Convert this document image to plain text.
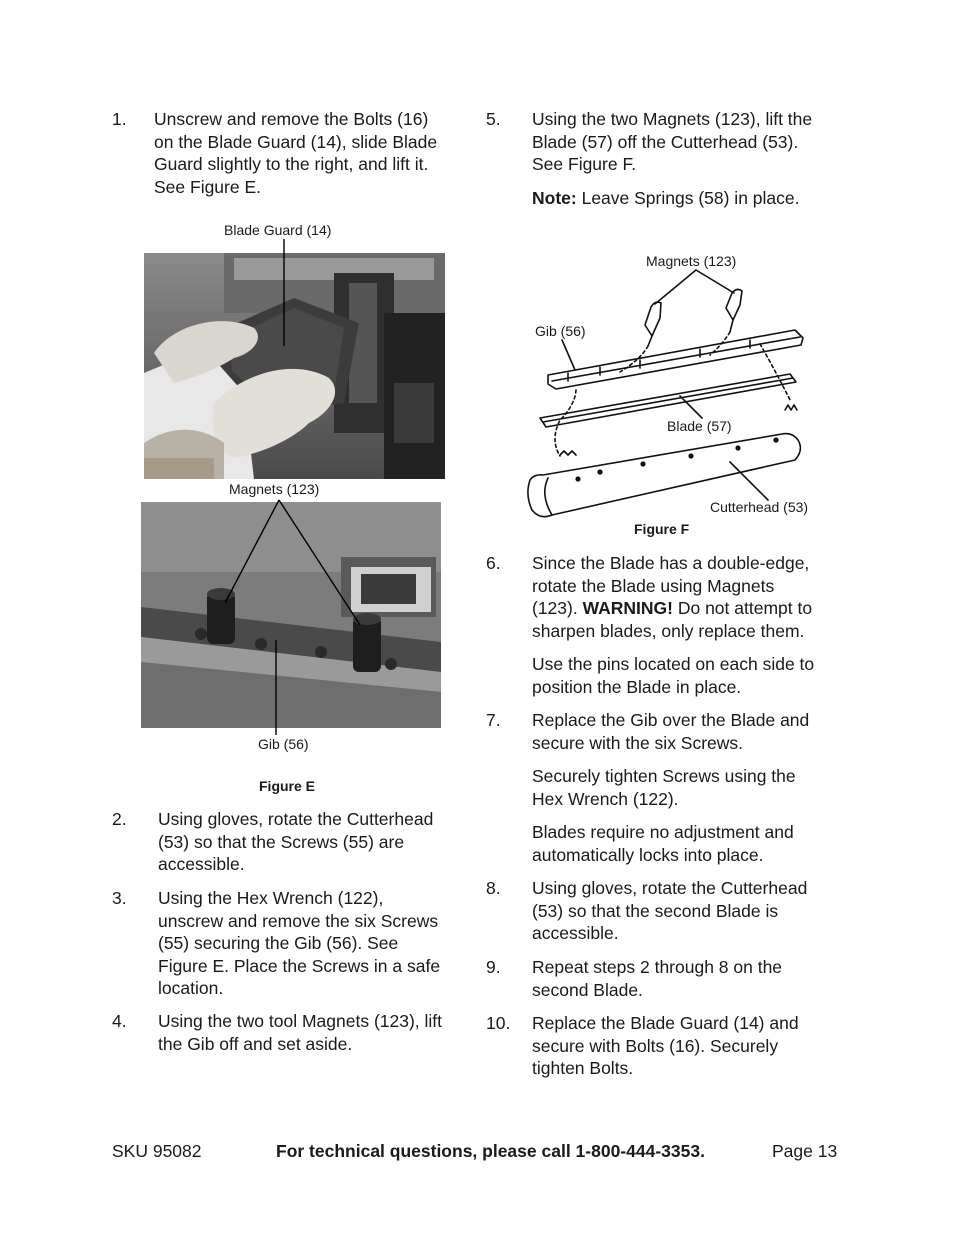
1. Unscrew and remove the Bolts (16)
on the Blade Guard (14), slide Blade
Guard slightly to the right, and lift it.
See Figure E.
Blade Guard (14)
Magnets (123)
Gib (56)
Figure E
2. Using gloves, rotate the Cutterhead
(53) so that the Screws (55) are
accessible.
3. Using the Hex Wrench (122),
unscrew and remove the six Screws
(55) securing the Gib (56). See
Figure E. Place the Screws in a safe
location.
4. Using the two tool Magnets (123), lift
the Gib off and set aside.
5. Using the two Magnets (123), lift the
Blade (57) off the Cutterhead (53).
See Figure F.
Note: Leave Springs (58) in place.
Magnets (123)
Gib (56)
Blade (57)
Cutterhead (53)
Figure F
6. Since the Blade has a double-edge,
rotate the Blade using Magnets
(123). WARNING! Do not attempt to
sharpen blades, only replace them.
Use the pins located on each side to
position the Blade in place.
7. Replace the Gib over the Blade and
secure with the six Screws.
Securely tighten Screws using the
Hex Wrench (122).
Blades require no adjustment and
automatically locks into place.
8. Using gloves, rotate the Cutterhead
(53) so that the second Blade is
accessible.
9. Repeat steps 2 through 8 on the
second Blade.
10. Replace the Blade Guard (14) and
secure with Bolts (16). Securely
tighten Bolts.
SKU 95082	For technical questions, please call 1-800-444-3353.	Page 13
